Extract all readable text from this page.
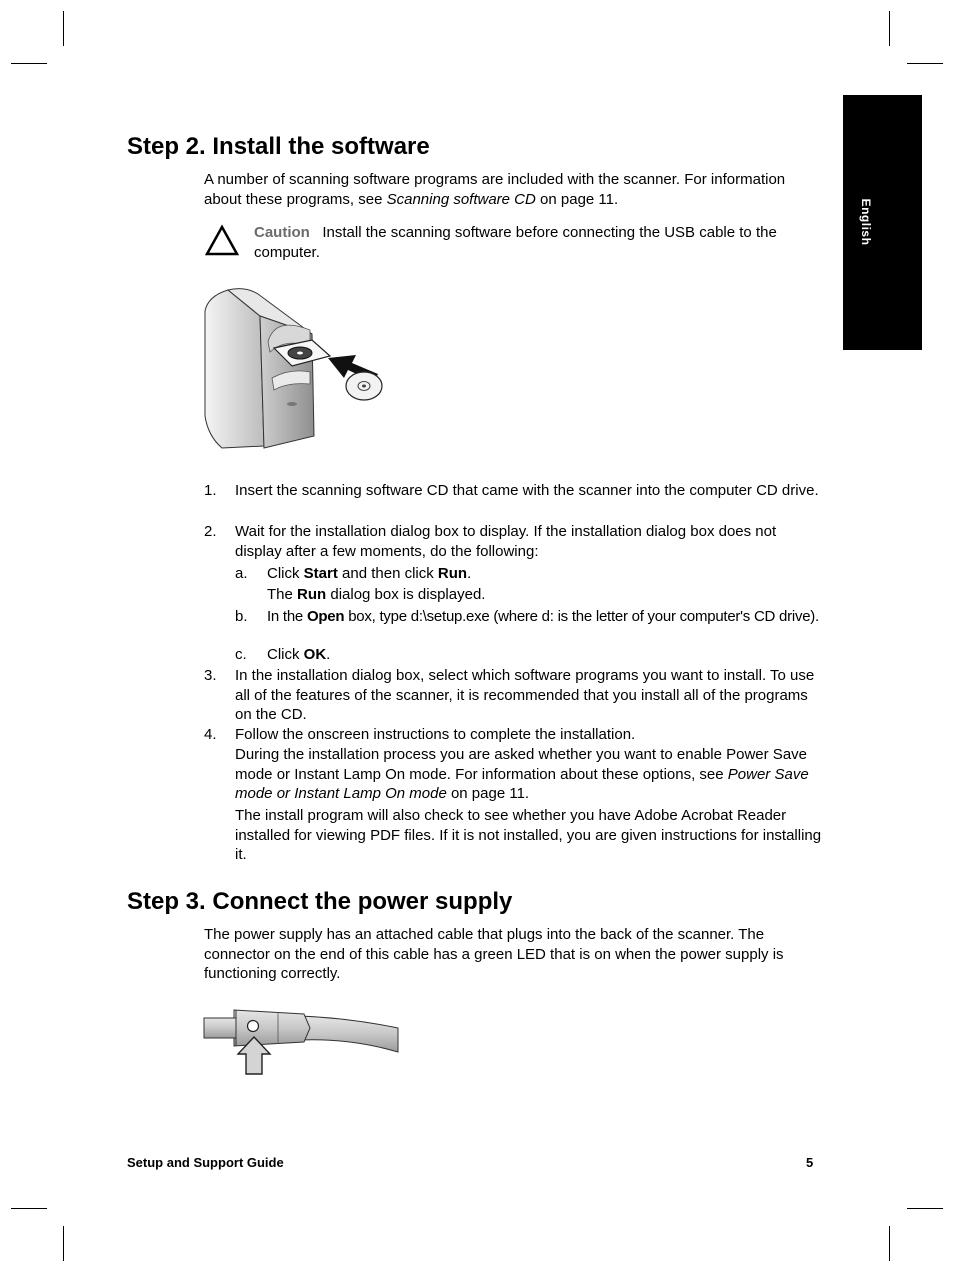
English
Step 2. Install the software

A number of scanning software programs are included with the scanner. For information about these programs, see Scanning software CD on page 11.

Caution Install the scanning software before connecting the USB cable to the computer.

1. Insert the scanning software CD that came with the scanner into the computer CD drive.
2. Wait for the installation dialog box to display. If the installation dialog box does not display after a few moments, do the following:
a. Click Start and then click Run.
The Run dialog box is displayed.
b. In the Open box, type d:\setup.exe (where d: is the letter of your computer's CD drive).
c. Click OK.
3. In the installation dialog box, select which software programs you want to install. To use all of the features of the scanner, it is recommended that you install all of the programs on the CD.
4. Follow the onscreen instructions to complete the installation.
During the installation process you are asked whether you want to enable Power Save mode or Instant Lamp On mode. For information about these options, see Power Save mode or Instant Lamp On mode on page 11.
The install program will also check to see whether you have Adobe Acrobat Reader installed for viewing PDF files. If it is not installed, you are given instructions for installing it.
Step 3. Connect the power supply

The power supply has an attached cable that plugs into the back of the scanner. The connector on the end of this cable has a green LED that is on when the power supply is functioning correctly.

Setup and Support Guide	5
